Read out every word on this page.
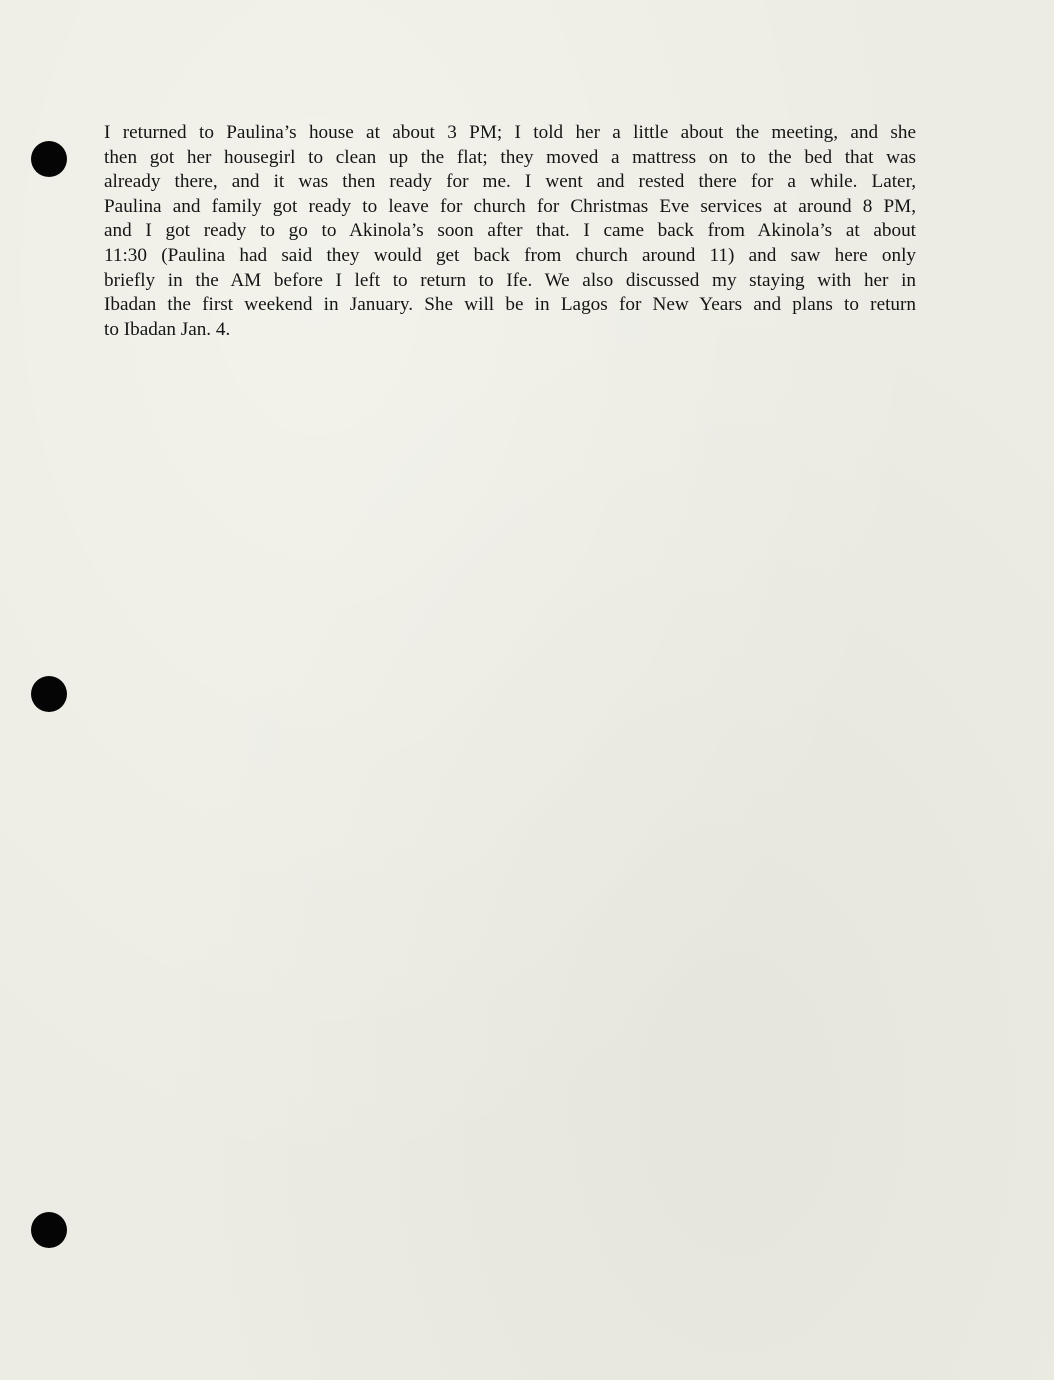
I returned to Paulina’s house at about 3 PM; I told her a little about the meeting, and she
then got her housegirl to clean up the flat; they moved a mattress on to the bed that was
already there, and it was then ready for me. I went and rested there for a while. Later,
Paulina and family got ready to leave for church for Christmas Eve services at around 8 PM,
and I got ready to go to Akinola’s soon after that. I came back from Akinola’s at about
11:30 (Paulina had said they would get back from church around 11) and saw here only
briefly in the AM before I left to return to Ife. We also discussed my staying with her in
Ibadan the first weekend in January. She will be in Lagos for New Years and plans to return
to Ibadan Jan. 4.
